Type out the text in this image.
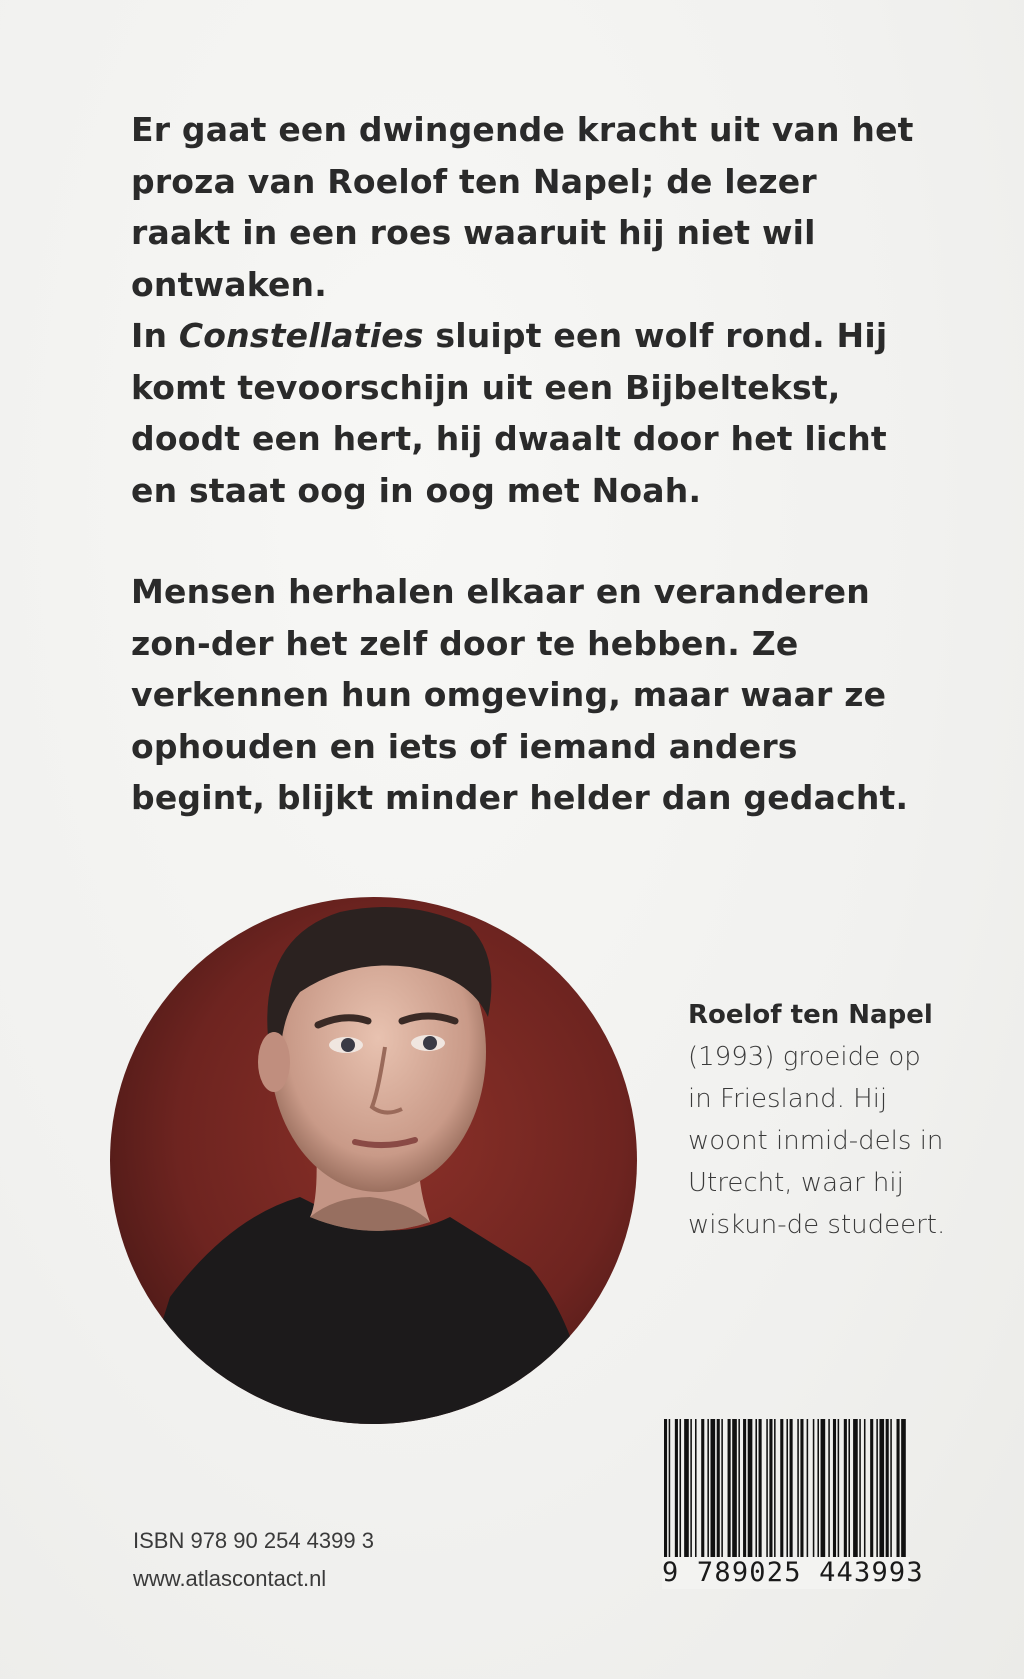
Er gaat een dwingende kracht uit van het proza van Roelof ten Napel; de lezer raakt in een roes waaruit hij niet wil ontwaken.

In Constellaties sluipt een wolf rond. Hij komt tevoorschijn uit een Bijbeltekst, doodt een hert, hij dwaalt door het licht en staat oog in oog met Noah.

Mensen herhalen elkaar en veranderen zon-der het zelf door te hebben. Ze verkennen hun omgeving, maar waar ze ophouden en iets of iemand anders begint, blijkt minder helder dan gedacht.

Roelof ten Napel (1993) groeide op in Friesland. Hij woont inmid-dels in Utrecht, waar hij wiskun-de studeert.
ISBN 978 90 254 4399 3
www.atlascontact.nl	9 789025 443993
